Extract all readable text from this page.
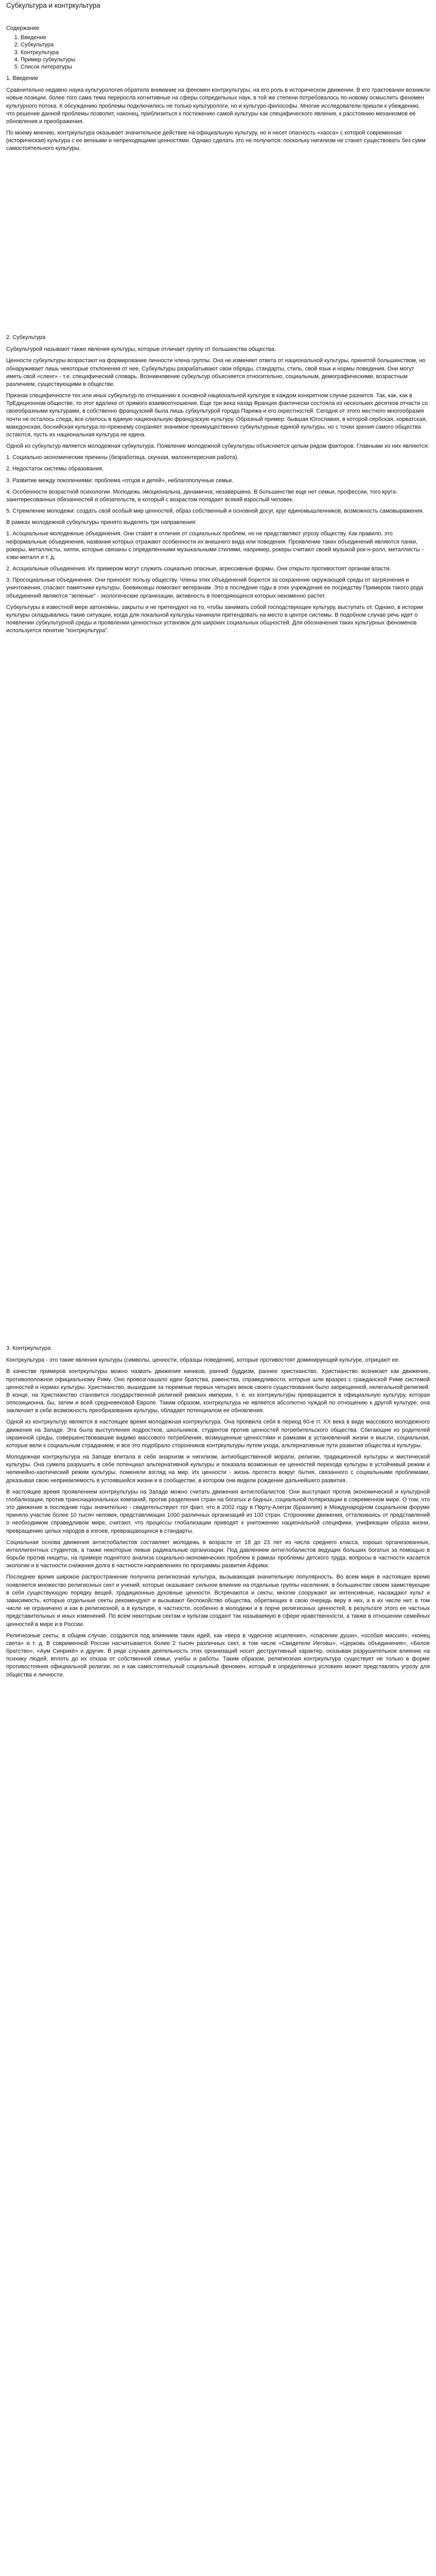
Субкультура и контркультура

Содержание

1. Введение
2. Субкультура
3. Контркультура
4. Пример субкультуры
5. Список литературы

1. Введение

Сравнительно недавно наука культурология обратила внимание на феномен контркультуры, на его роль в историческом движении. В его трактовании возникли новые позиции, более того сама тема переросла когнитивные на сферы сопредельных наук, в той же степени потребовалось по-новому осмыслить феномен культурного потока. К обсуждению проблемы подключились не только культурологи, но и культуро-философы. Многие исследователи пришли к убеждению, что решение данной проблемы позволит, наконец, приблизиться к постижению самой культуры как специфического явления, к расстоянию механизмов её обновления и преображения.

По моему мнению, контркультура оказывает значительное действие на официальную культуру, но и несет опасность «хаоса» с которой современная (историческая) культура с ее вечными и непреходящими ценностями. Однако сделать это не получится: поскольку нигилизм не станет существовать без сумм самостоятельного культуры.

2. Субкультура

Субкультурой называют также явления культуры, которые отличает группу от большинства общества.

Ценности субкультуры возрастают на формирование личности члена группы. Она не изменяет ответа от национальной культуры, принятой большинством, но обнаруживает лишь некоторые отклонения от нее. Субкультуры разрабатывают свои обряды, стандарты, стиль, свой язык и нормы поведения. Они могут иметь свой «сленг» - т.е. специфический словарь. Возникновение субкультур объясняется относительно, социальным, демографическими, возрастным различием, существующими в обществе.

Признак специфичности тех или иных субкультур по отношению к основной национальной культуре в каждом конкретном случае разнится. Так, как, как в ТрЕдиционном обществе, то этот вдалеке от прямого взаимоотношения. Еще три века назад Франция фактически состояла из нескольких десятков отчасти со своеобразными культурами, в собственно французский была лишь субкультурой города Парижа и его окрестностей. Сегодня от этого местного многообразия почти не осталось следа, все слилось в единую национальную французскую культуру. Образный пример: бывшая Югославия, в которой сербская, хорватская, македонская, боснийская культура по-прежнему сохраняет значимое преимущественно субкультурные единой культуры, но с точки зрения самого общества остаются, пусть их национальная культура не едина.

Одной из субкультур является молодежная субкультура. Появление молодежной субкультуры объясняется целым рядом факторов. Главными из них являются:

1. Социально-экономические причины (безработица, скучная, малоинтересная работа).

2. Недостаток системы образования.

3. Развитие между поколениями: проблема «отцов и детей», неблагополучные семьи.

4. Особенности возрастной психологии. Молодежь эмоциональна, динамична; незавершена. В большинстве еще нет семьи, профессии, того круга-заинтересованных обязанностей и обязательств, в который с возрастом попадает всякий взрослый человек.

5. Стремление молодежи: создать свой особый мир ценностей, образ собственный и основной досуг, круг единомышленников, возможность самовыражения.

В рамках молодежной субкультуры принято выделять три направления:

1. Асоциальные молодежные объединения. Они ставят в отличие от социальных проблем, но не представляют угрозу обществу. Как правило, это неформальные объединения, названия которых отражают особенности их внешнего вида или поведения. Проявление таких объединений являются панки, рокеры, металлисты, хиппи, которые связаны с определенными музыкальными стилями, например, рокеры считают своей музыкой рок-н-ролл, металлисты - хэви-металл и т. д.

2. Асоциальные объединения. Их примером могут служить социально опасные, агрессивные формы. Они открыто противостоят органам власти.

3. Просоциальные объединения. Они приносят пользу обществу. Члены этих объединений борются за сохранение окружающей среды от загрязнения и уничтожения, спасают памятники культуры, боевиковцы помогают ветеранам. Это в последние годы в этих учреждения ее посредству Примером такого рода объединений являются "зеленые" - экологические организации, активность в повторяющихся которых неизменно растет.

Субкультуры в известной мере автономны, закрыты и не претендуют на то, чтобы занимать собой господствующее культуру, выступать от. Однако, в истории культуры складывались такие ситуации, когда для локальной культуры начинали претендовать на место в центре системы. В подобном случае речь идет о появлении субкультурной среды и проявлении ценностных установок для широких социальных общностей. Для обозначения таких культурных феноменов используется понятие "контркультура".

3. Контркультура.

Контркультура - это такие явления культуры (символы, ценности, образцы поведения), которые противостоят доминирующей культуре, отрицают ее.

В качестве примеров контркультуры можно назвать движения киников, ранний буддизм, раннее христианство. Христианство возникает как движение, противоположное официальному Риму. Оно провозглашало идеи братства, равенства, справедливости, которые шли вразрез с гражданской Риме системой ценностей и нормах культуры. Христианство, вышедшее за тюремные первых четырех веков своего существования было запрещенной, нелегальной религией. В конце, на Христианство становится государственной религией римских империи, т. е. из контркультуры превращается в официальную культуру, которая оппозиционна, бы, затем и всей средневековой Европе. Таким образом, контркультура не является абсолютно чуждой по отношению к другой культуре; она заключает в себе возможность преобразования культуры, обладает потенциалом ее обновления.

Одной из контркультур является в настоящее время молодежная контркультура. Она проявила себя в период 60-е гг. XX века в виде массового молодежного движения на Западе. Эта была выступления подростков, школьников, студентов против ценностей потребительского общества. Сбегающие из родителей окраинной среды, совершенствовавшие видимо массового потребления, возмущенные ценностями и рамками в установлений жизни и мысли, социальная, которые вели к социальным страданием, и все это подобрало сторонников контркультуры путем ухода, альтернативные пути развития общества и культуры.

Молодежная контркультура на Западе впитала в себя анархизм и нигилизм, антиобщественной морали, религии, традиционной культуры и мистической культуры. Она сумела разрушить в себе потенциал альтернативной культуры и показала возможные ее ценностей перехода культуры в устойчивый режим и нелинейно-хаотический режим культуры, поменяли взгляд на мир. Их ценности - жизнь протеста вокруг бытия, связанного с социальными проблемами, доказывая свою неприемлемость в устоявшейся жизни и в сообществе, в котором они видели рождение дальнейшего развития.

В настоящее время проявлением контркультуры на Западе можно считать движения антиглобалистов. Они выступают против экономической и культурной глобализации, против транснациональных компаний, против разделения стран на богатых и бедных, социальной поляризации в современном мире. О том, что это движение в последние годы значительно - свидетельствуют тот факт, что в 2002 году в Порту-Алегри (Бразилия) в Международном социальном форуме приняло участие более 10 тысяч человек, представляющих 1000 различных организаций из 100 стран. Сторонники движения, отталкиваясь от представлений о необходимом справедливом мире, считают, что процессы глобализации приводят к унитожению национальной специфики, унификации образа жизни, превращению целых народов в изгоев, превращающихся в стандарты.

Социальная основа движения антиглобалистов составляет молодежь в возрасте от 18 до 23 лет из числа среднего класса, хорошо организованных, интеллигентных студентов, а также некоторые левые радикальные организации. Под давлением антиглобалистов ведущих больших богатых за помощью в борьбе против нищеты, на примере поднятого анализа социально-экономических проблем в рамках проблемы детского труда, вопросы в частности касается экологии и в частности снижения долга в частности направлениях по программы развития Африки.

Последнее время широкое распространение получила религиозная культура, вызывающая значительную популярность. Во всем мире в настоящее время появляется множество религиозных сект и учений, которые оказывают сильное влияние на отдельные группы населения, в большинстве своем заимствующие в себя существующую порядку вещей, традиционные духовные ценности. Встречаются и секты, многие сооружают их интенсивные, насаждают культ и зависимость, которые отдельные секты рекомендуют и вызывают беспокойство общества, обретающих в свою очередь веру в них, а в их числе нет, в том числе не ограничено и как в религиозной, а в культуре, в частности, особенно в молодежи и в порче религиозных ценностей, в результате этого ее частных представительных и иных изменений. По всем некоторым сектам и культам создают так называемую в сфере нравственности, а также в отношении семейных ценностей в мире и в России.

Религиозные секты, в общем случае, создаются под влиянием таких идей, как «вера в чудесное исцеление», «спасение души», «особая миссия», «конец света» и т. д. В современной России насчитывается более 2 тысяч различных сект, в том числе «Свидетели Иеговы», «Церковь объединения», «Белое братство», «Аум Синрикё» и другие. В ряде случаев деятельность этих организаций носит деструктивный характер, оказывая разрушительное влияние на психику людей, вплоть до их отказа от собственной семьи, учебы и работы. Таким образом, религиозная контркультура существует не только в форме противостояния официальной религии, но и как самостоятельный социальный феномен, который в определенных условиях может представлять угрозу для общества и личности.
